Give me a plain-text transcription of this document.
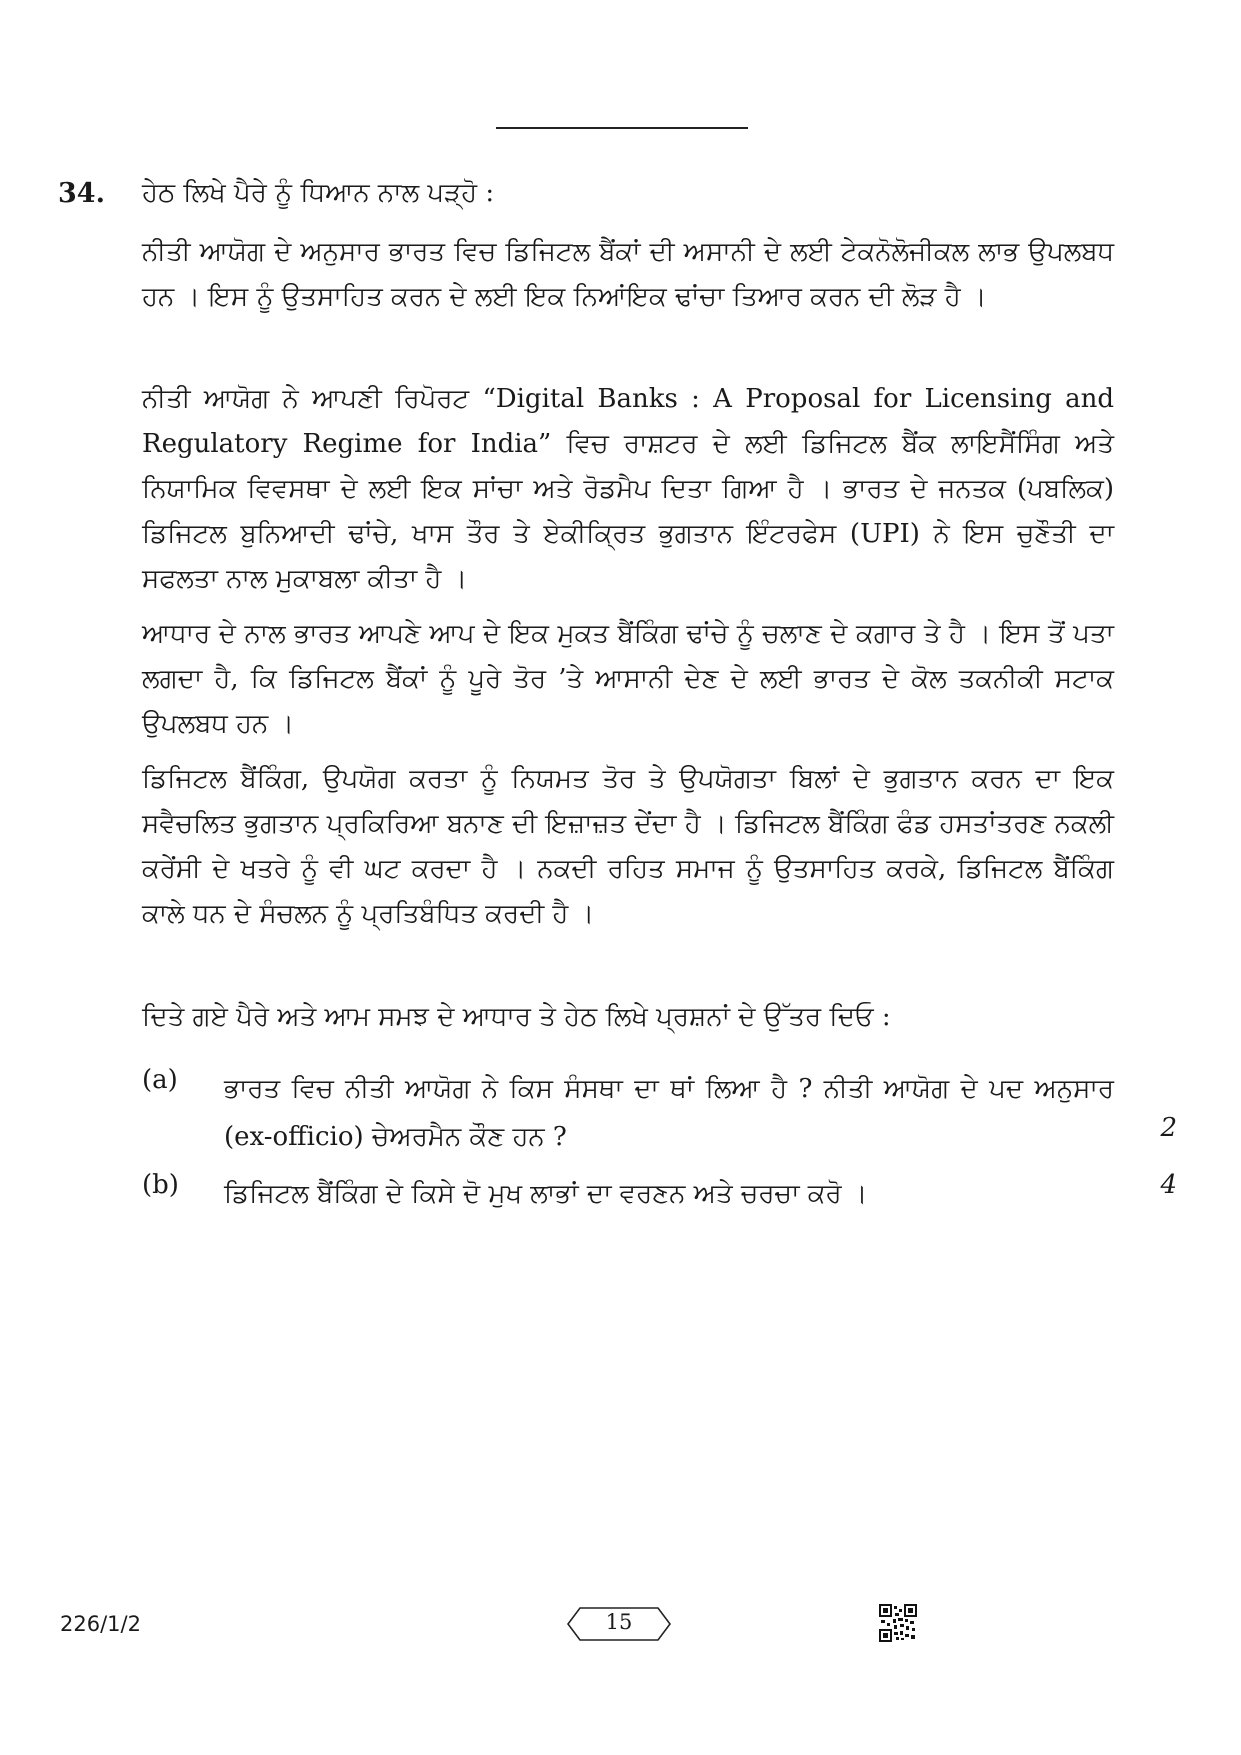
34. ਹੇਠ ਲਿਖੇ ਪੈਰੇ ਨੂੰ ਧਿਆਨ ਨਾਲ ਪੜ੍ਹੋ :

ਨੀਤੀ ਆਯੋਗ ਦੇ ਅਨੁਸਾਰ ਭਾਰਤ ਵਿਚ ਡਿਜਿਟਲ ਬੈਂਕਾਂ ਦੀ ਅਸਾਨੀ ਦੇ ਲਈ ਟੇਕਨੋਲੋਜੀਕਲ ਲਾਭ ਉਪਲਬਧ ਹਨ । ਇਸ ਨੂੰ ਉਤਸਾਹਿਤ ਕਰਨ ਦੇ ਲਈ ਇਕ ਨਿਆਂਇਕ ਢਾਂਚਾ ਤਿਆਰ ਕਰਨ ਦੀ ਲੋੜ ਹੈ ।

ਨੀਤੀ ਆਯੋਗ ਨੇ ਆਪਣੀ ਰਿਪੋਰਟ “Digital Banks : A Proposal for Licensing and Regulatory Regime for India” ਵਿਚ ਰਾਸ਼ਟਰ ਦੇ ਲਈ ਡਿਜਿਟਲ ਬੈਂਕ ਲਾਇਸੈਂਸਿੰਗ ਅਤੇ ਨਿਯਾਮਿਕ ਵਿਵਸਥਾ ਦੇ ਲਈ ਇਕ ਸਾਂਚਾ ਅਤੇ ਰੋਡਮੈਪ ਦਿਤਾ ਗਿਆ ਹੈ । ਭਾਰਤ ਦੇ ਜਨਤਕ (ਪਬਲਿਕ) ਡਿਜਿਟਲ ਬੁਨਿਆਦੀ ਢਾਂਚੇ, ਖਾਸ ਤੌਰ ਤੇ ਏਕੀਕ੍ਰਿਤ ਭੁਗਤਾਨ ਇੰਟਰਫੇਸ (UPI) ਨੇ ਇਸ ਚੁਣੌਤੀ ਦਾ ਸਫਲਤਾ ਨਾਲ ਮੁਕਾਬਲਾ ਕੀਤਾ ਹੈ ।

ਆਧਾਰ ਦੇ ਨਾਲ ਭਾਰਤ ਆਪਣੇ ਆਪ ਦੇ ਇਕ ਮੁਕਤ ਬੈਂਕਿੰਗ ਢਾਂਚੇ ਨੂੰ ਚਲਾਣ ਦੇ ਕਗਾਰ ਤੇ ਹੈ । ਇਸ ਤੋਂ ਪਤਾ ਲਗਦਾ ਹੈ, ਕਿ ਡਿਜਿਟਲ ਬੈਂਕਾਂ ਨੂੰ ਪੂਰੇ ਤੋਰ ’ਤੇ ਆਸਾਨੀ ਦੇਣ ਦੇ ਲਈ ਭਾਰਤ ਦੇ ਕੋਲ ਤਕਨੀਕੀ ਸਟਾਕ ਉਪਲਬਧ ਹਨ ।

ਡਿਜਿਟਲ ਬੈਂਕਿੰਗ, ਉਪਯੋਗ ਕਰਤਾ ਨੂੰ ਨਿਯਮਤ ਤੋਰ ਤੇ ਉਪਯੋਗਤਾ ਬਿਲਾਂ ਦੇ ਭੁਗਤਾਨ ਕਰਨ ਦਾ ਇਕ ਸਵੈਚਲਿਤ ਭੁਗਤਾਨ ਪ੍ਰਕਿਰਿਆ ਬਨਾਣ ਦੀ ਇਜ਼ਾਜ਼ਤ ਦੇਂਦਾ ਹੈ । ਡਿਜਿਟਲ ਬੈਂਕਿੰਗ ਫੰਡ ਹਸਤਾਂਤਰਣ ਨਕਲੀ ਕਰੇਂਸੀ ਦੇ ਖਤਰੇ ਨੂੰ ਵੀ ਘਟ ਕਰਦਾ ਹੈ । ਨਕਦੀ ਰਹਿਤ ਸਮਾਜ ਨੂੰ ਉਤਸਾਹਿਤ ਕਰਕੇ, ਡਿਜਿਟਲ ਬੈਂਕਿੰਗ ਕਾਲੇ ਧਨ ਦੇ ਸੰਚਲਨ ਨੂੰ ਪ੍ਰਤਿਬੰਧਿਤ ਕਰਦੀ ਹੈ ।

ਦਿਤੇ ਗਏ ਪੈਰੇ ਅਤੇ ਆਮ ਸਮਝ ਦੇ ਆਧਾਰ ਤੇ ਹੇਠ ਲਿਖੇ ਪ੍ਰਸ਼ਨਾਂ ਦੇ ਉੱਤਰ ਦਿਓ :
(a) ਭਾਰਤ ਵਿਚ ਨੀਤੀ ਆਯੋਗ ਨੇ ਕਿਸ ਸੰਸਥਾ ਦਾ ਥਾਂ ਲਿਆ ਹੈ ? ਨੀਤੀ ਆਯੋਗ ਦੇ ਪਦ ਅਨੁਸਾਰ (ex-officio) ਚੇਅਰਮੈਨ ਕੌਣ ਹਨ ?	2
(b) ਡਿਜਿਟਲ ਬੈਂਕਿੰਗ ਦੇ ਕਿਸੇ ਦੋ ਮੁਖ ਲਾਭਾਂ ਦਾ ਵਰਣਨ ਅਤੇ ਚਰਚਾ ਕਰੋ ।	4
226/1/2	15
